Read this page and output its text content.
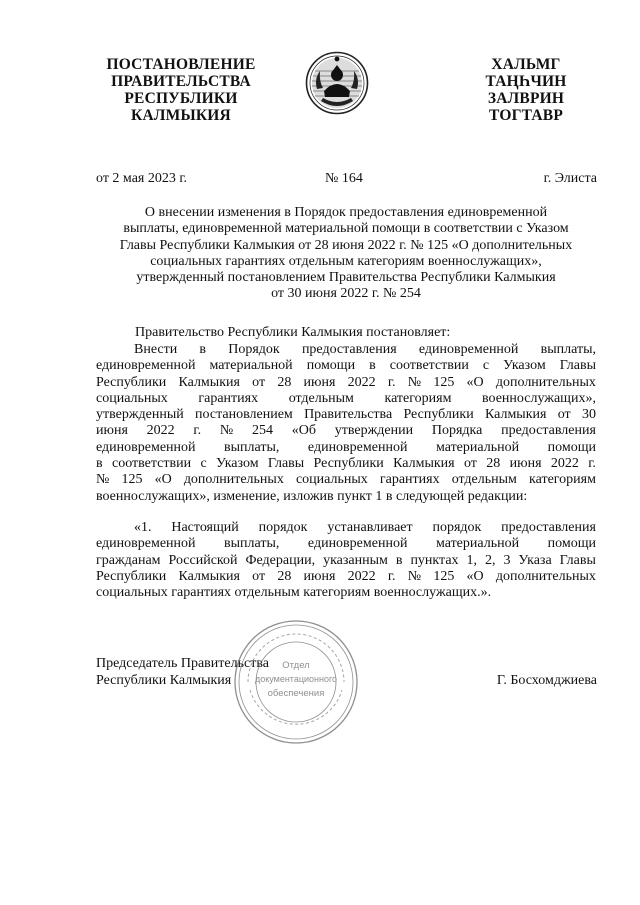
ПОСТАНОВЛЕНИЕ
ПРАВИТЕЛЬСТВА
РЕСПУБЛИКИ
КАЛМЫКИЯ
ХАЛЬМГ
ТАҢҺЧИН
ЗАЛВРИН
ТОГТАВР
от 2 мая 2023 г.	№ 164	г. Элиста
О внесении изменения в Порядок предоставления единовременной
выплаты, единовременной материальной помощи в соответствии с Указом
Главы Республики Калмыкия от 28 июня 2022 г. № 125 «О дополнительных
социальных гарантиях отдельным категориям военнослужащих»,
утвержденный постановлением Правительства Республики Калмыкия
от 30 июня 2022 г. № 254
Правительство Республики Калмыкия постановляет:
Внести в Порядок предоставления единовременной выплаты,
единовременной материальной помощи в соответствии с Указом Главы
Республики Калмыкия от 28 июня 2022 г. № 125 «О дополнительных
социальных гарантиях отдельным категориям военнослужащих»,
утвержденный постановлением Правительства Республики Калмыкия от 30
июня 2022 г. № 254 «Об утверждении Порядка предоставления
единовременной выплаты, единовременной материальной помощи
в соответствии с Указом Главы Республики Калмыкия от 28 июня 2022 г.
№ 125 «О дополнительных социальных гарантиях отдельным категориям
военнослужащих», изменение, изложив пункт 1 в следующей редакции:
«1. Настоящий порядок устанавливает порядок предоставления
единовременной выплаты, единовременной материальной помощи
гражданам Российской Федерации, указанным в пунктах 1, 2, 3 Указа Главы
Республики Калмыкия от 28 июня 2022 г. № 125 «О дополнительных
социальных гарантиях отдельным категориям военнослужащих.».
Председатель Правительства
Республики Калмыкия	Г. Босхомджиева
Отдел
документационного
обеспечения
